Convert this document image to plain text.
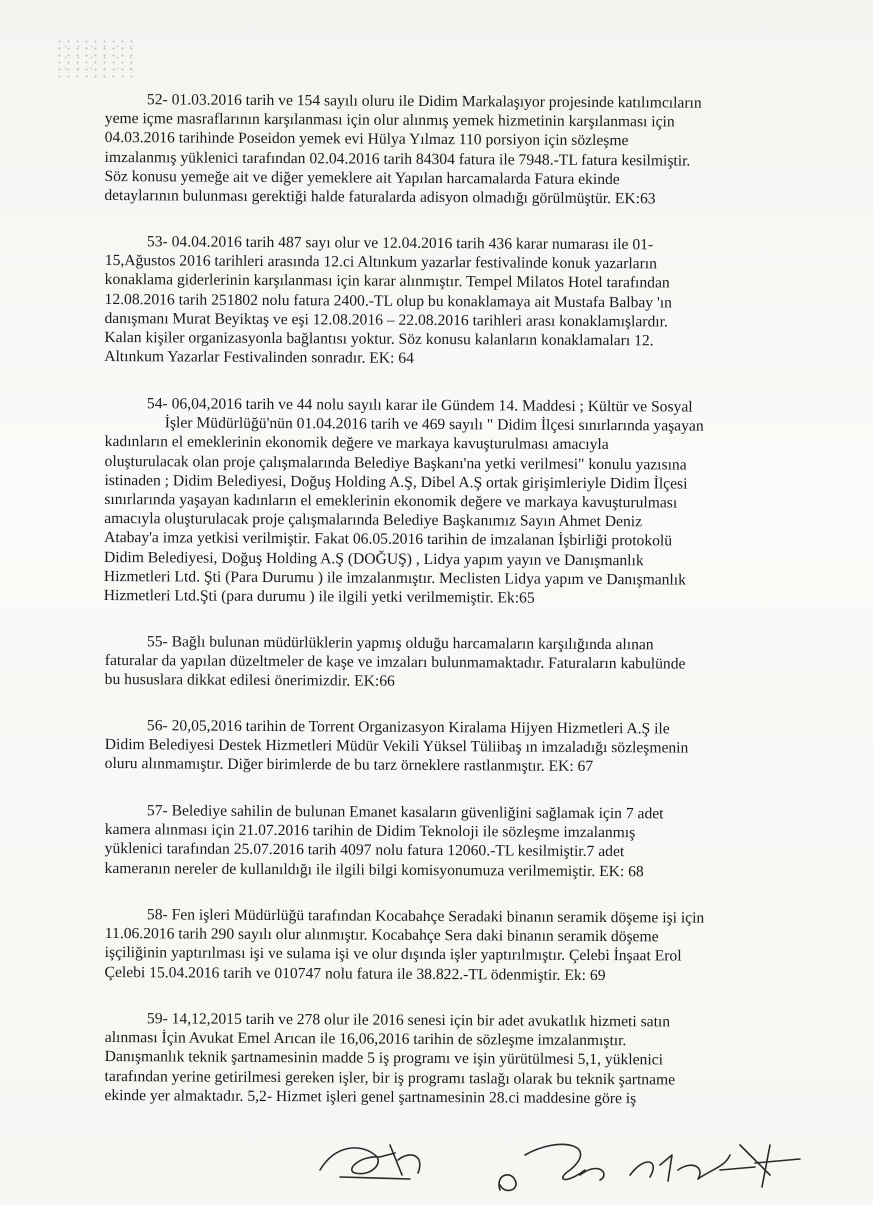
52- 01.03.2016 tarih ve 154 sayılı oluru ile Didim Markalaşıyor projesinde katılımcıların
yeme içme masraflarının karşılanması için olur alınmış yemek hizmetinin karşılanması için
04.03.2016 tarihinde Poseidon yemek evi Hülya Yılmaz 110 porsiyon için sözleşme
imzalanmış yüklenici tarafından 02.04.2016 tarih 84304 fatura ile 7948.-TL fatura kesilmiştir.
Söz konusu yemeğe ait ve diğer yemeklere ait Yapılan harcamalarda Fatura ekinde
detaylarının bulunması gerektiği halde faturalarda adisyon olmadığı görülmüştür. EK:63
53- 04.04.2016 tarih 487 sayı olur ve 12.04.2016 tarih 436 karar numarası ile 01-
15,Ağustos 2016 tarihleri arasında 12.ci Altınkum yazarlar festivalinde konuk yazarların
konaklama giderlerinin karşılanması için karar alınmıştır. Tempel Milatos Hotel tarafından
12.08.2016 tarih 251802 nolu fatura 2400.-TL olup bu konaklamaya ait Mustafa Balbay 'ın
danışmanı Murat Beyiktaş ve eşi 12.08.2016 – 22.08.2016 tarihleri arası konaklamışlardır.
Kalan kişiler organizasyonla bağlantısı yoktur. Söz konusu kalanların konaklamaları 12.
Altınkum Yazarlar Festivalinden sonradır. EK: 64
54- 06,04,2016 tarih ve 44 nolu sayılı karar ile Gündem 14. Maddesi ; Kültür ve Sosyal
İşler Müdürlüğü'nün 01.04.2016 tarih ve 469 sayılı " Didim İlçesi sınırlarında yaşayan
kadınların el emeklerinin ekonomik değere ve markaya kavuşturulması amacıyla
oluşturulacak olan proje çalışmalarında Belediye Başkanı'na yetki verilmesi" konulu yazısına
istinaden ; Didim Belediyesi, Doğuş Holding A.Ş, Dibel A.Ş ortak girişimleriyle Didim İlçesi
sınırlarında yaşayan kadınların el emeklerinin ekonomik değere ve markaya kavuşturulması
amacıyla oluşturulacak proje çalışmalarında Belediye Başkanımız Sayın Ahmet Deniz
Atabay'a imza yetkisi verilmiştir. Fakat 06.05.2016 tarihin de imzalanan İşbirliği protokolü
Didim Belediyesi, Doğuş Holding A.Ş (DOĞUŞ) , Lidya yapım yayın ve Danışmanlık
Hizmetleri Ltd. Şti (Para Durumu ) ile imzalanmıştır. Meclisten Lidya yapım ve Danışmanlık
Hizmetleri Ltd.Şti (para durumu ) ile ilgili yetki verilmemiştir. Ek:65
55- Bağlı bulunan müdürlüklerin yapmış olduğu harcamaların karşılığında alınan
faturalar da yapılan düzeltmeler de kaşe ve imzaları bulunmamaktadır. Faturaların kabulünde
bu hususlara dikkat edilesi önerimizdir. EK:66
56- 20,05,2016 tarihin de Torrent Organizasyon Kiralama Hijyen Hizmetleri A.Ş ile
Didim Belediyesi Destek Hizmetleri Müdür Vekili Yüksel Tüliibaş ın imzaladığı sözleşmenin
oluru alınmamıştır. Diğer birimlerde de bu tarz örneklere rastlanmıştır. EK: 67
57- Belediye sahilin de bulunan Emanet kasaların güvenliğini sağlamak için 7 adet
kamera alınması için 21.07.2016 tarihin de Didim Teknoloji ile sözleşme imzalanmış
yüklenici tarafından 25.07.2016 tarih 4097 nolu fatura 12060.-TL kesilmiştir.7 adet
kameranın nereler de kullanıldığı ile ilgili bilgi komisyonumuza verilmemiştir. EK: 68
58- Fen işleri Müdürlüğü tarafından Kocabahçe Seradaki binanın seramik döşeme işi için
11.06.2016 tarih 290 sayılı olur alınmıştır. Kocabahçe Sera daki binanın seramik döşeme
işçiliğinin yaptırılması işi ve sulama işi ve olur dışında işler yaptırılmıştır. Çelebi İnşaat Erol
Çelebi 15.04.2016 tarih ve 010747 nolu fatura ile 38.822.-TL ödenmiştir. Ek: 69
59- 14,12,2015 tarih ve 278 olur ile 2016 senesi için bir adet avukatlık hizmeti satın
alınması İçin Avukat Emel Arıcan ile 16,06,2016 tarihin de sözleşme imzalanmıştır.
Danışmanlık teknik şartnamesinin madde 5 iş programı ve işin yürütülmesi 5,1, yüklenici
tarafından yerine getirilmesi gereken işler, bir iş programı taslağı olarak bu teknik şartname
ekinde yer almaktadır. 5,2- Hizmet işleri genel şartnamesinin 28.ci maddesine göre iş
